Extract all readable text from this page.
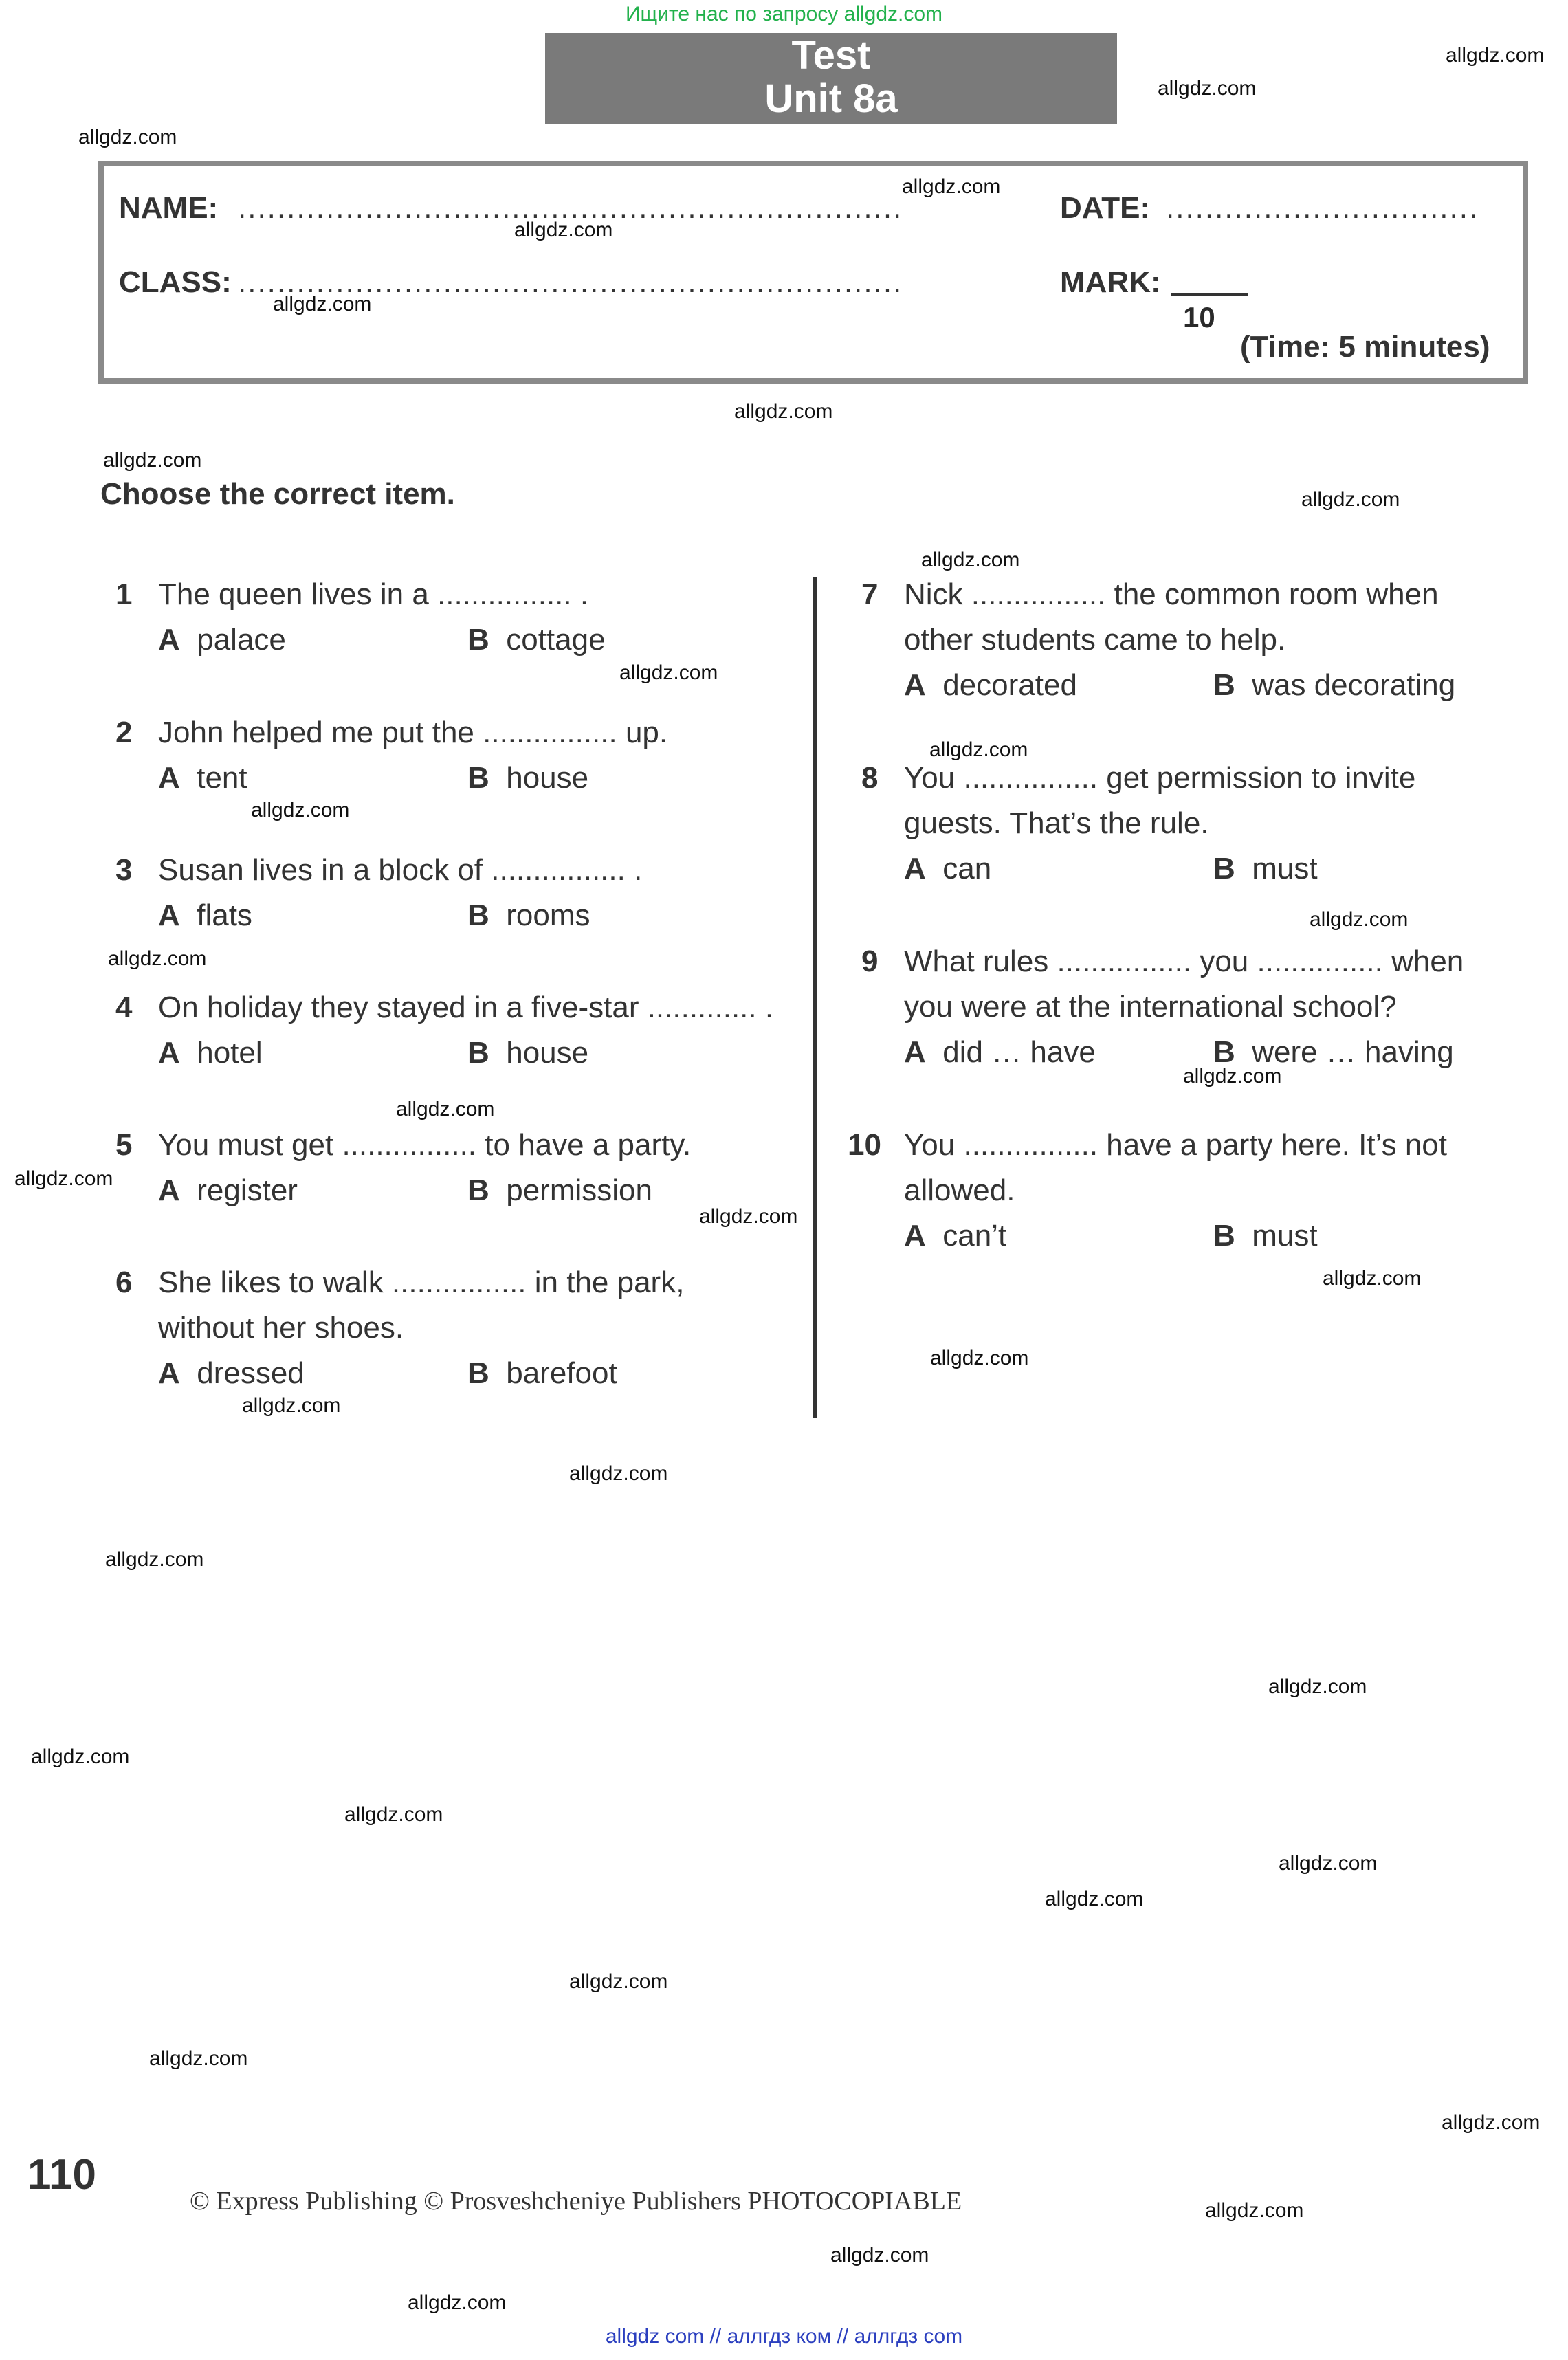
Ищите нас по запросу allgdz.com
Test
Unit 8a
NAME: ....................................................................	DATE: ................................
CLASS: ....................................................................	MARK:
10
(Time: 5 minutes)
Choose the correct item.
1 The queen lives in a ................ .
A palace	B cottage
2 John helped me put the ................ up.
A tent	B house
3 Susan lives in a block of ................ .
A flats	B rooms
4 On holiday they stayed in a five-star ............. .
A hotel	B house
5 You must get ................ to have a party.
A register	B permission
6 She likes to walk ................ in the park,
without her shoes.
A dressed	B barefoot
7 Nick ................ the common room when
other students came to help.
A decorated	B was decorating
8 You ................ get permission to invite
guests. That’s the rule.
A can	B must
9 What rules ................ you ............... when
you were at the international school?
A did … have	B were … having
10 You ................ have a party here. It’s not
allowed.
A can’t	B must
allgdz.com
allgdz.com
allgdz.com
allgdz.com
allgdz.com
allgdz.com
allgdz.com
allgdz.com
allgdz.com
allgdz.com
allgdz.com
allgdz.com
allgdz.com
allgdz.com
allgdz.com
allgdz.com
allgdz.com
allgdz.com
allgdz.com
allgdz.com
allgdz.com
allgdz.com
allgdz.com
allgdz.com
allgdz.com
allgdz.com
allgdz.com
allgdz.com
allgdz.com
allgdz.com
allgdz.com
allgdz.com
allgdz.com
allgdz.com
allgdz.com
110
© Express Publishing © Prosveshcheniye Publishers PHOTOCOPIABLE
allgdz com // аллгдз ком // аллгдз com
